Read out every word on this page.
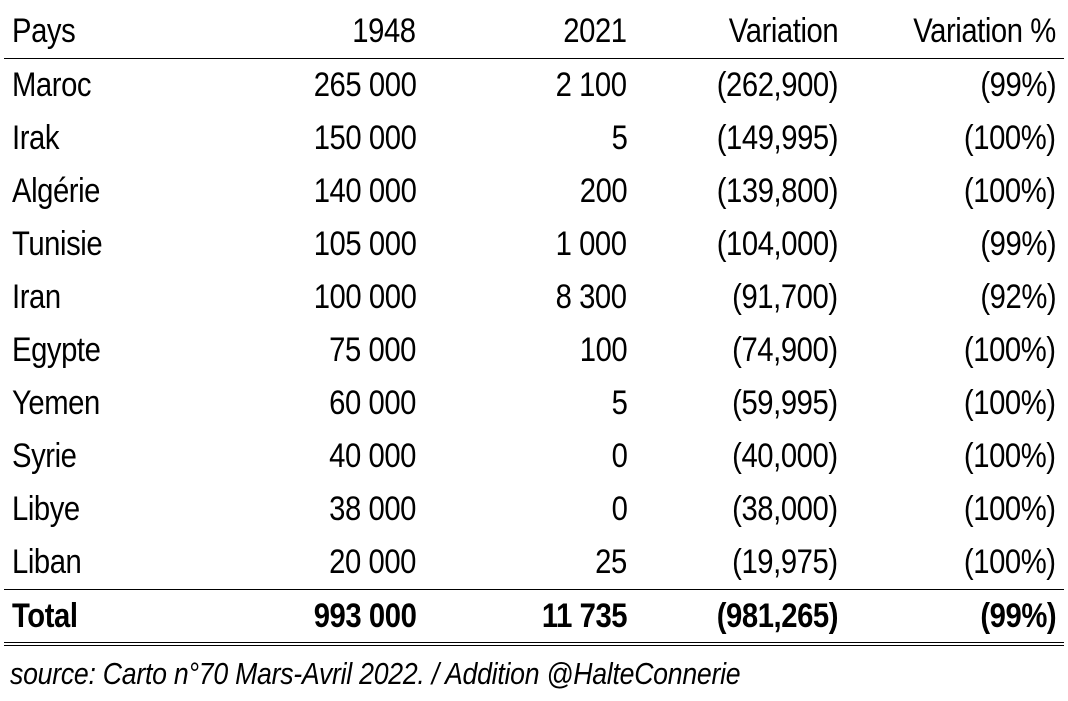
Pays	1948	2021	Variation	Variation %
Maroc	265 000	2 100	(262,900)	(99%)
Irak	150 000	5	(149,995)	(100%)
Algérie	140 000	200	(139,800)	(100%)
Tunisie	105 000	1 000	(104,000)	(99%)
Iran	100 000	8 300	(91,700)	(92%)
Egypte	75 000	100	(74,900)	(100%)
Yemen	60 000	5	(59,995)	(100%)
Syrie	40 000	0	(40,000)	(100%)
Libye	38 000	0	(38,000)	(100%)
Liban	20 000	25	(19,975)	(100%)
Total	993 000	11 735	(981,265)	(99%)
source: Carto n°70 Mars-Avril 2022. / Addition @HalteConnerie
